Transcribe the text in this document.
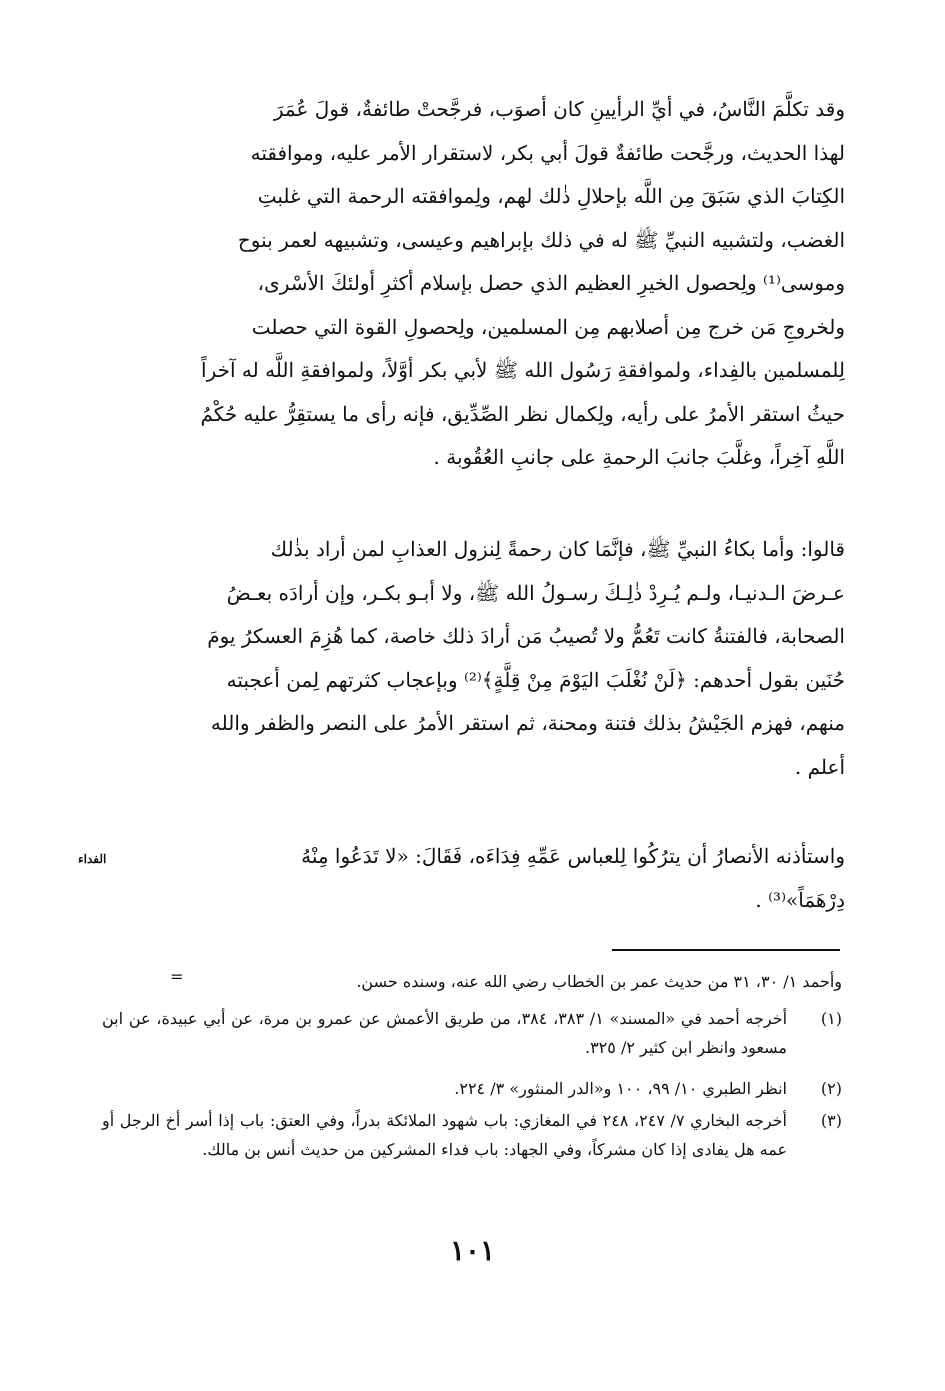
وقد تكلَّمَ النَّاسُ، في أيِّ الرأيينِ كان أصوَب، فرجَّحتْ طائفةٌ، قولَ عُمَرَ
لهذا الحديث، ورجَّحت طائفةٌ قولَ أبي بكر، لاستقرار الأمر عليه، وموافقته
الكِتابَ الذي سَبَقَ مِن اللَّه بإحلالِ ذٰلك لهم، ولِموافقته الرحمة التي غلبتِ
الغضب، ولتشبيه النبيِّ ﷺ له في ذلك بإبراهيم وعيسى، وتشبيهه لعمر بنوح
وموسى⁽¹⁾ ولِحصول الخيرِ العظيم الذي حصل بإسلام أكثرِ أولئكَ الأسْرى،
ولخروجِ مَن خرج مِن أصلابهم مِن المسلمين، ولِحصولِ القوة التي حصلت
لِلمسلمين بالفِداء، ولموافقةِ رَسُول الله ﷺ لأبي بكر أوَّلاً، ولموافقةِ اللَّه له آخراً
حيثُ استقر الأمرُ على رأيه، ولِكمال نظر الصِّدِّيق، فإنه رأى ما يستقِرُّ عليه حُكْمُ
اللَّهِ آخِراً، وغلَّبَ جانبَ الرحمةِ على جانبِ العُقُوبة .
قالوا: وأما بكاءُ النبيِّ ﷺ، فإنَّمَا كان رحمةً لِنزول العذابِ لمن أراد بذٰلك
عـرضَ الـدنيـا، ولـم يُـرِدْ ذٰلِـكَ رسـولُ الله ﷺ، ولا أبـو بكـر، وإن أرادَه بعـضُ
الصحابة، فالفتنةُ كانت تَعُمُّ ولا تُصيبُ مَن أرادَ ذلك خاصة، كما هُزِمَ العسكرُ يومَ
حُنَين بقول أحدهم: ﴿لَنْ نُغْلَبَ اليَوْمَ مِنْ قِلَّةٍ﴾⁽²⁾ وبإعجاب كثرتهم لِمن أعجبته
منهم، فهزم الجَيْشُ بذلك فتنة ومحنة، ثم استقر الأمرُ على النصر والظفر والله
أعلم .
الفداء	واستأذنه الأنصارُ أن يترُكُوا لِلعباس عَمِّهِ فِدَاءَه، فَقَالَ: «لا تَدَعُوا مِنْهُ
دِرْهَمَاً»⁽³⁾ .
=	وأحمد ١/ ٣٠، ٣١ من حديث عمر بن الخطاب رضي الله عنه، وسنده حسن.
(١)
أخرجه أحمد في «المسند» ١/ ٣٨٣، ٣٨٤، من طريق الأعمش عن عمرو بن مرة، عن أبي عبيدة، عن ابن مسعود وانظر ابن كثير ٢/ ٣٢٥.
(٢)
انظر الطبري ١٠/ ٩٩، ١٠٠ و«الدر المنثور» ٣/ ٢٢٤.
(٣)
أخرجه البخاري ٧/ ٢٤٧، ٢٤٨ في المغازي: باب شهود الملائكة بدراً، وفي العتق: باب إذا أسر أخ الرجل أو عمه هل يفادى إذا كان مشركاً، وفي الجهاد: باب فداء المشركين من حديث أنس بن مالك.
١٠١
